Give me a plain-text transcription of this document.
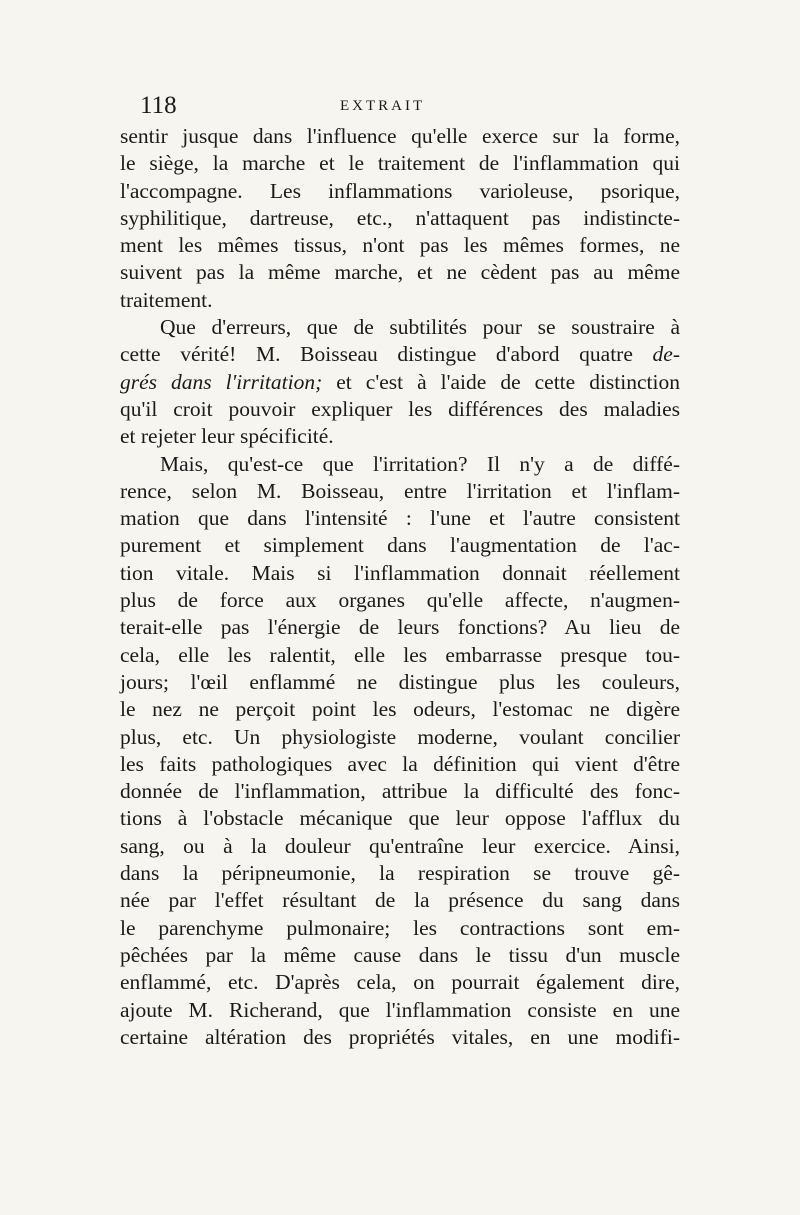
118	EXTRAIT
sentir jusque dans l'influence qu'elle exerce sur la forme,
le siège, la marche et le traitement de l'inflammation qui
l'accompagne. Les inflammations varioleuse, psorique,
syphilitique, dartreuse, etc., n'attaquent pas indistincte-
ment les mêmes tissus, n'ont pas les mêmes formes, ne
suivent pas la même marche, et ne cèdent pas au même
traitement.
Que d'erreurs, que de subtilités pour se soustraire à
cette vérité! M. Boisseau distingue d'abord quatre de-
grés dans l'irritation; et c'est à l'aide de cette distinction
qu'il croit pouvoir expliquer les différences des maladies
et rejeter leur spécificité.
Mais, qu'est-ce que l'irritation? Il n'y a de diffé-
rence, selon M. Boisseau, entre l'irritation et l'inflam-
mation que dans l'intensité : l'une et l'autre consistent
purement et simplement dans l'augmentation de l'ac-
tion vitale. Mais si l'inflammation donnait réellement
plus de force aux organes qu'elle affecte, n'augmen-
terait-elle pas l'énergie de leurs fonctions? Au lieu de
cela, elle les ralentit, elle les embarrasse presque tou-
jours; l'œil enflammé ne distingue plus les couleurs,
le nez ne perçoit point les odeurs, l'estomac ne digère
plus, etc. Un physiologiste moderne, voulant concilier
les faits pathologiques avec la définition qui vient d'être
donnée de l'inflammation, attribue la difficulté des fonc-
tions à l'obstacle mécanique que leur oppose l'afflux du
sang, ou à la douleur qu'entraîne leur exercice. Ainsi,
dans la péripneumonie, la respiration se trouve gê-
née par l'effet résultant de la présence du sang dans
le parenchyme pulmonaire; les contractions sont em-
pêchées par la même cause dans le tissu d'un muscle
enflammé, etc. D'après cela, on pourrait également dire,
ajoute M. Richerand, que l'inflammation consiste en une
certaine altération des propriétés vitales, en une modifi-
